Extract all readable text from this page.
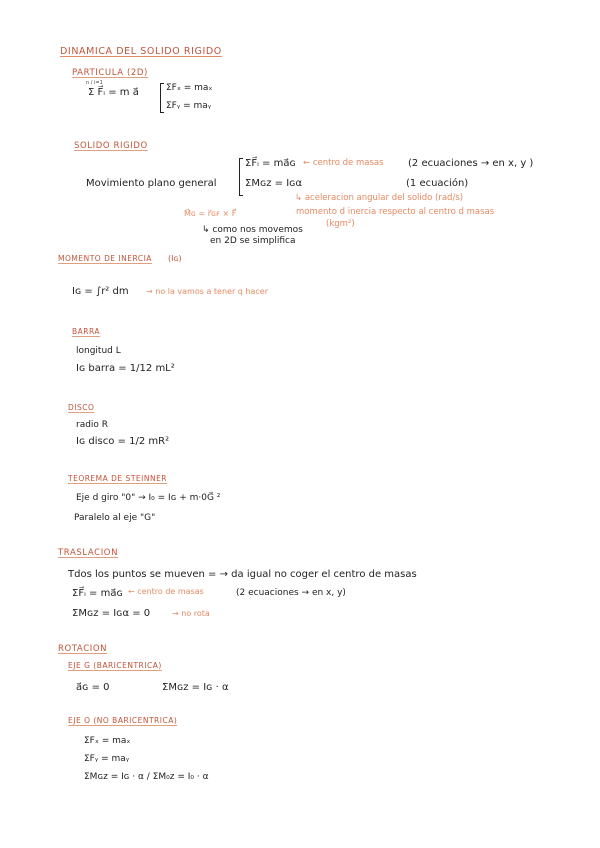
DINAMICA DEL SOLIDO RIGIDO
PARTICULA (2D)
Σ F⃗ᵢ = m a⃗
n / i=1	ΣFₓ = maₓ
ΣFᵧ = maᵧ
SOLIDO RIGIDO
Movimiento plano general
ΣF⃗ᵢ = ma⃗ɢ ← centro de masas (2 ecuaciones → en x, y )
ΣMɢᴢ = Iɢα	(1 ecuación)
↳ aceleracion angular del solido (rad/s)
momento d inercia respecto al centro d masas
(kgm²)
M⃗ɢ = r⃗ɢꜰ × F⃗
↳ como nos movemos
en 2D se simplifica
MOMENTO DE INERCIA (Iɢ)
Iɢ = ∫r² dm → no la vamos a tener q hacer
BARRA
longitud L
Iɢ barra = 1/12 mL²
DISCO
radio R
Iɢ disco = 1/2 mR²
TEOREMA DE STEINNER
Eje d giro "0" → I₀ = Iɢ + m·0G⃗ ²
Paralelo al eje "G"
TRASLACION
Tdos los puntos se mueven = → da igual no coger el centro de masas
ΣF⃗ᵢ = ma⃗ɢ ← centro de masas	(2 ecuaciones → en x, y)
ΣMɢᴢ = Iɢα = 0	→ no rota
ROTACION
EJE G (BARICENTRICA)
a⃗ɢ = 0	ΣMɢᴢ = Iɢ · α
EJE O (NO BARICENTRICA)
ΣFₓ = maₓ
ΣFᵧ = maᵧ
ΣMɢᴢ = Iɢ · α / ΣM₀ᴢ = I₀ · α
